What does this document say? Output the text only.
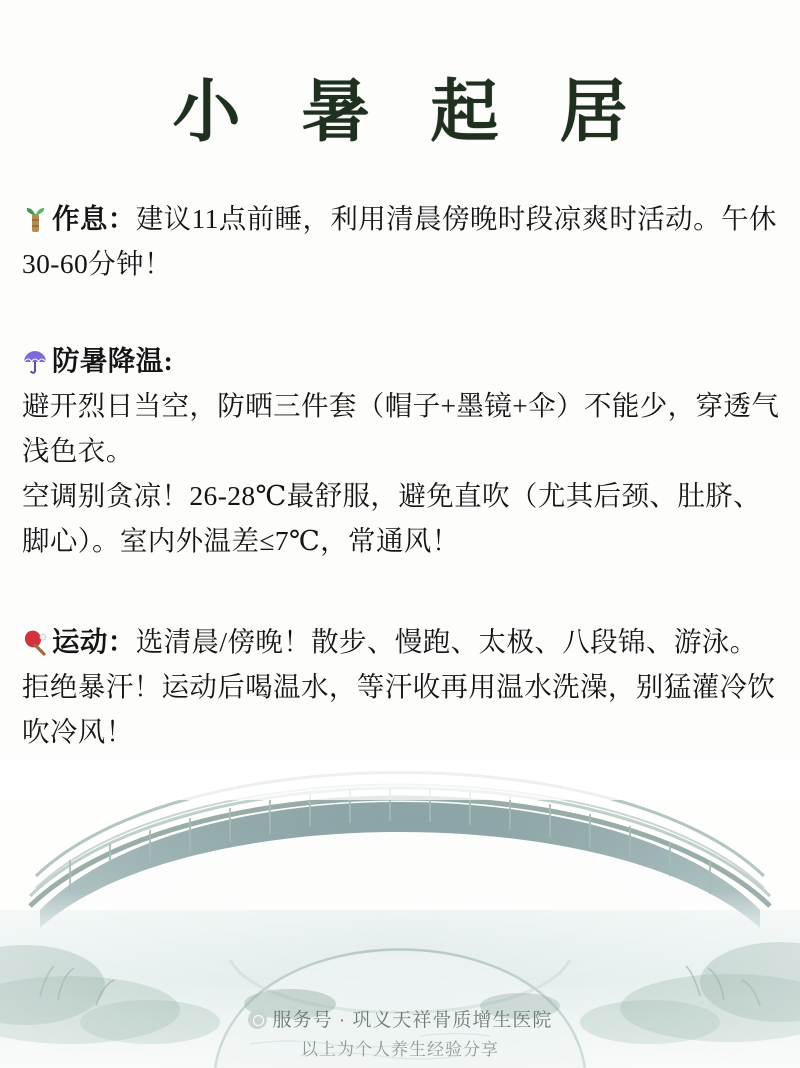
小 暑 起 居
作息：建议11点前睡，利用清晨傍晚时段凉爽时活动。午休30-60分钟！
防暑降温:
避开烈日当空，防晒三件套（帽子+墨镜+伞）不能少，穿透气浅色衣。
空调别贪凉！26-28℃最舒服，避免直吹（尤其后颈、肚脐、脚心）。室内外温差≤7℃，常通风！
运动：选清晨/傍晚！散步、慢跑、太极、八段锦、游泳。拒绝暴汗！运动后喝温水，等汗收再用温水洗澡，别猛灌冷饮吹冷风！
服务号 · 巩义天祥骨质增生医院
以上为个人养生经验分享
